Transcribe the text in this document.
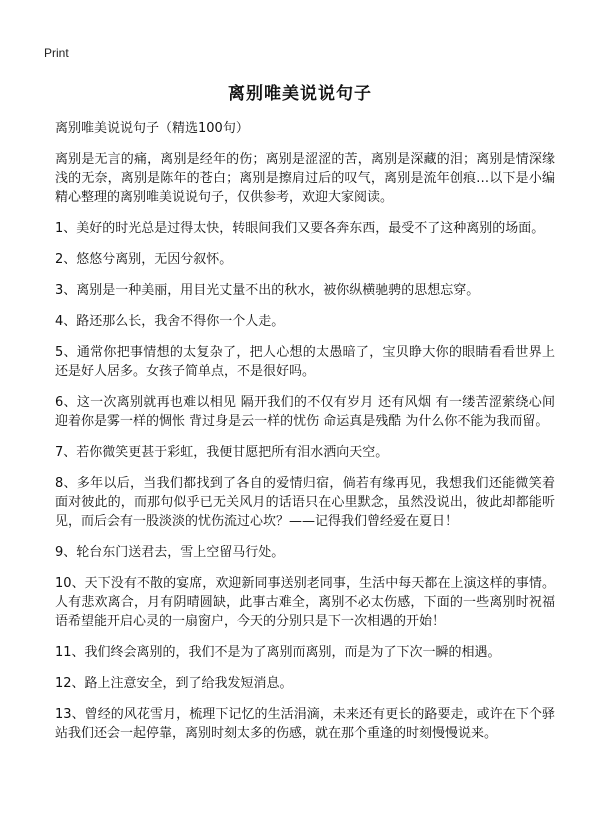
Print
离别唯美说说句子

离别唯美说说句子（精选100句）

离别是无言的痛，离别是经年的伤；离别是涩涩的苦，离别是深藏的泪；离别是情深缘浅的无奈，离别是陈年的苍白；离别是擦肩过后的叹气，离别是流年创痕…以下是小编精心整理的离别唯美说说句子，仅供参考，欢迎大家阅读。

1、美好的时光总是过得太快，转眼间我们又要各奔东西，最受不了这种离别的场面。

2、悠悠兮离别，无因兮叙怀。

3、离别是一种美丽，用目光丈量不出的秋水，被你纵横驰骋的思想忘穿。

4、路还那么长，我舍不得你一个人走。

5、通常你把事情想的太复杂了，把人心想的太愚暗了，宝贝睁大你的眼睛看看世界上还是好人居多。女孩子简单点，不是很好吗。

6、这一次离别就再也难以相见 隔开我们的不仅有岁月 还有风烟 有一缕苦涩萦绕心间 迎着你是雾一样的惆怅 背过身是云一样的忧伤 命运真是残酷 为什么你不能为我而留。

7、若你微笑更甚于彩虹，我便甘愿把所有泪水洒向天空。

8、多年以后，当我们都找到了各自的爱情归宿，倘若有缘再见，我想我们还能微笑着面对彼此的，而那句似乎已无关风月的话语只在心里默念，虽然没说出，彼此却都能听见，而后会有一股淡淡的忧伤流过心坎？——记得我们曾经爱在夏日！

9、轮台东门送君去，雪上空留马行处。

10、天下没有不散的宴席，欢迎新同事送别老同事，生活中每天都在上演这样的事情。人有悲欢离合，月有阴晴圆缺，此事古难全，离别不必太伤感，下面的一些离别时祝福语希望能开启心灵的一扇窗户，今天的分别只是下一次相遇的开始！

11、我们终会离别的，我们不是为了离别而离别，而是为了下次一瞬的相遇。

12、路上注意安全，到了给我发短消息。

13、曾经的风花雪月，梳理下记忆的生活涓滴，未来还有更长的路要走，或许在下个驿站我们还会一起停靠，离别时刻太多的伤感，就在那个重逢的时刻慢慢说来。
